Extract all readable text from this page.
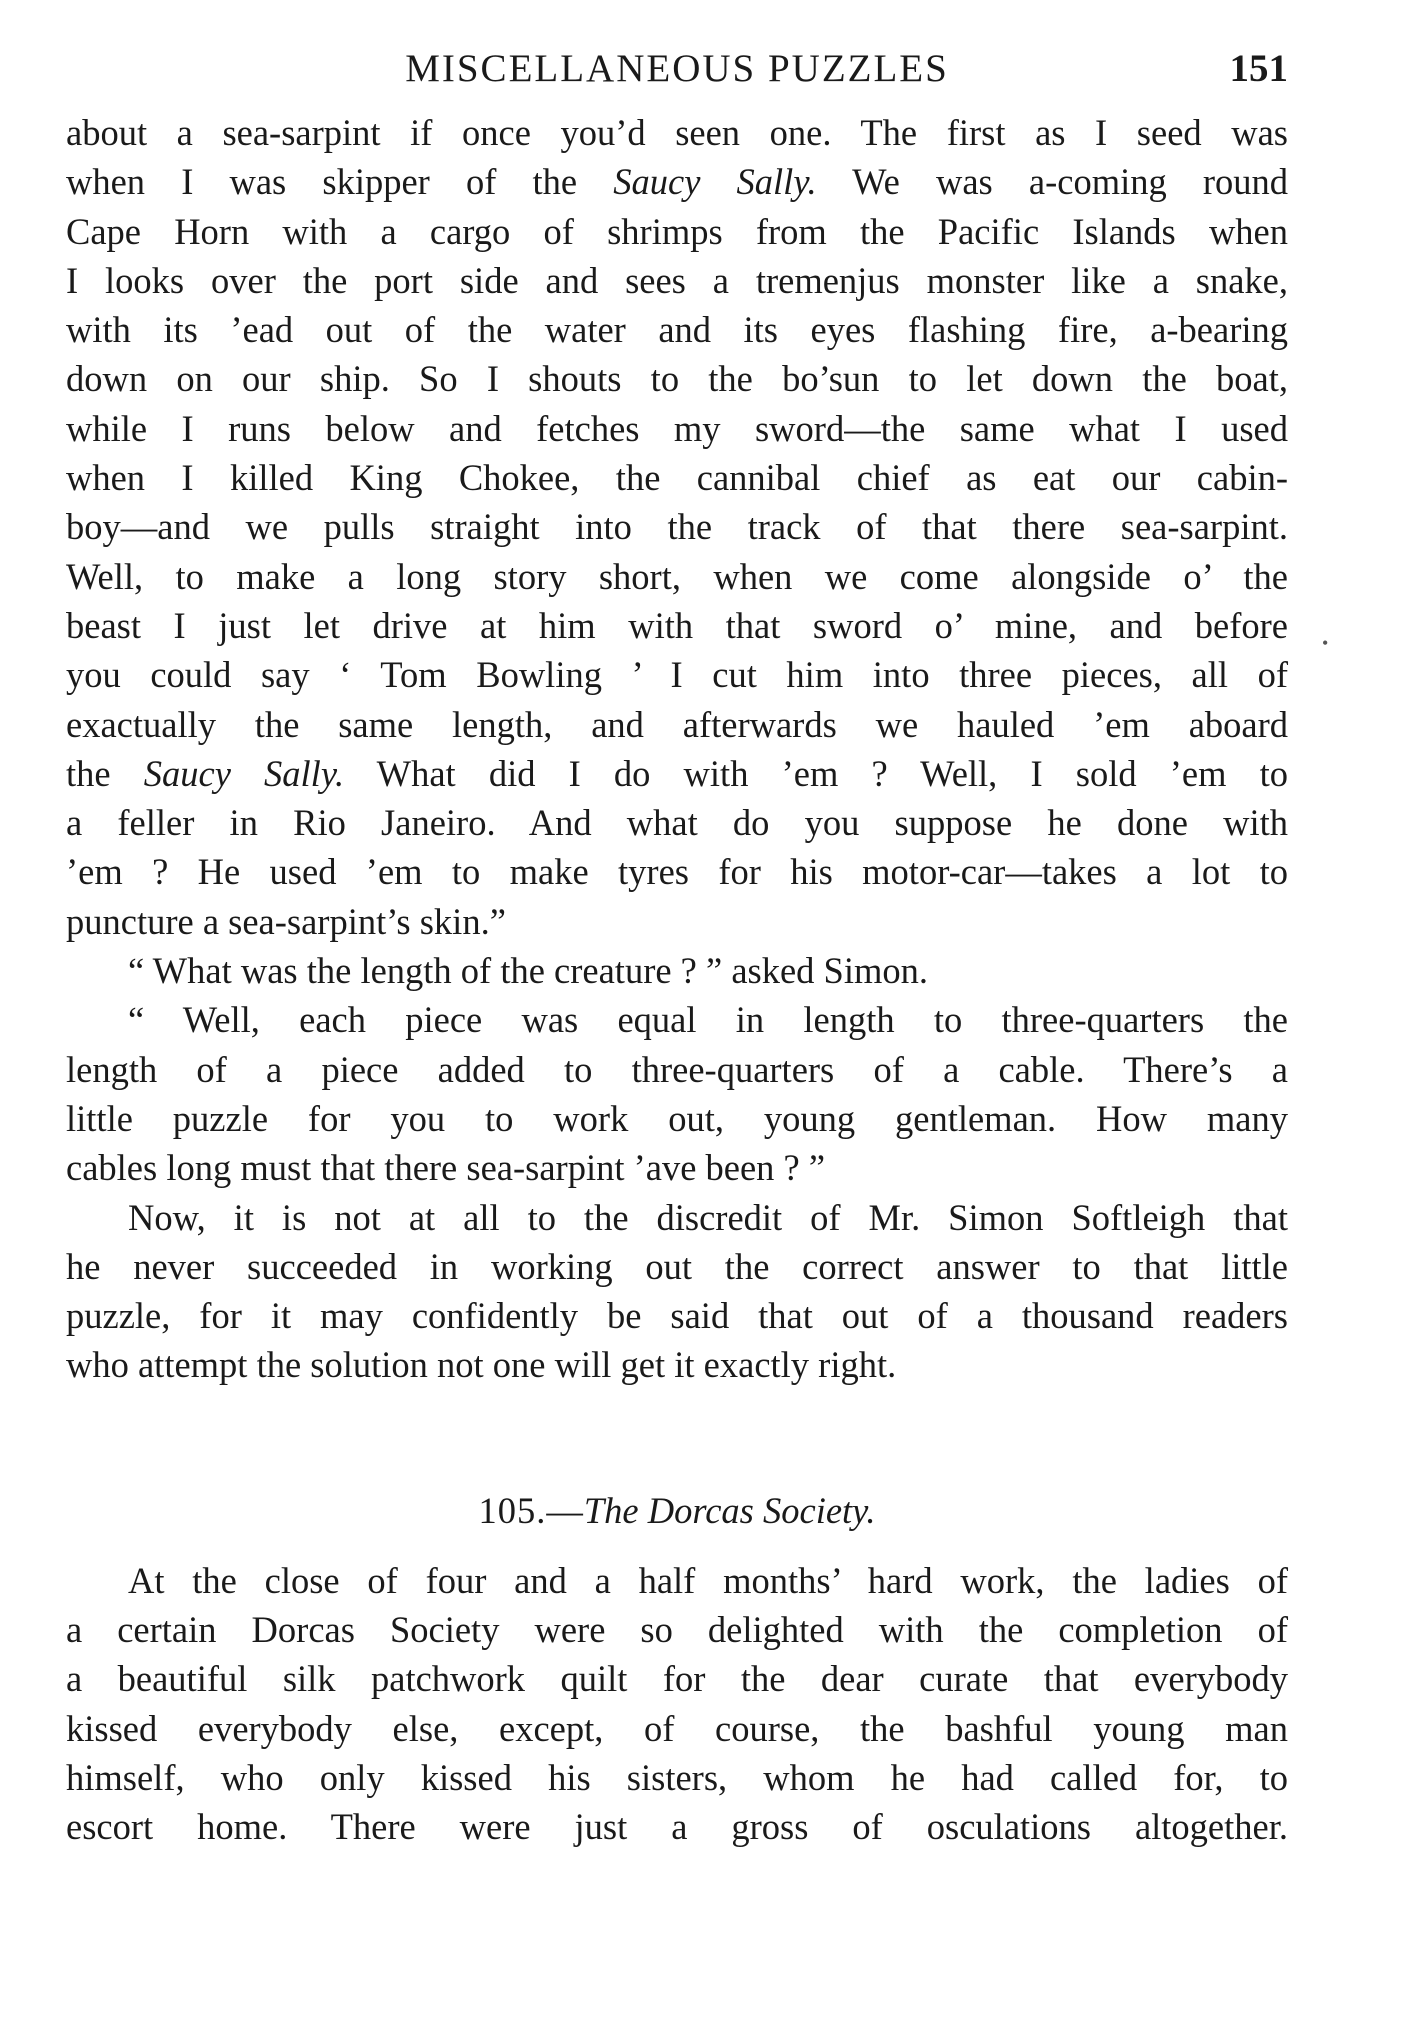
MISCELLANEOUS PUZZLES	151
about a sea-sarpint if once you’d seen one. The first as I seed was
when I was skipper of the Saucy Sally. We was a-coming round
Cape Horn with a cargo of shrimps from the Pacific Islands when
I looks over the port side and sees a tremenjus monster like a snake,
with its ’ead out of the water and its eyes flashing fire, a-bearing
down on our ship. So I shouts to the bo’sun to let down the boat,
while I runs below and fetches my sword—the same what I used
when I killed King Chokee, the cannibal chief as eat our cabin-
boy—and we pulls straight into the track of that there sea-sarpint.
Well, to make a long story short, when we come alongside o’ the
beast I just let drive at him with that sword o’ mine, and before
you could say ‘ Tom Bowling ’ I cut him into three pieces, all of
exactually the same length, and afterwards we hauled ’em aboard
the Saucy Sally. What did I do with ’em ? Well, I sold ’em to
a feller in Rio Janeiro. And what do you suppose he done with
’em ? He used ’em to make tyres for his motor-car—takes a lot to
puncture a sea-sarpint’s skin.”
“ What was the length of the creature ? ” asked Simon.
“ Well, each piece was equal in length to three-quarters the
length of a piece added to three-quarters of a cable. There’s a
little puzzle for you to work out, young gentleman. How many
cables long must that there sea-sarpint ’ave been ? ”
Now, it is not at all to the discredit of Mr. Simon Softleigh that
he never succeeded in working out the correct answer to that little
puzzle, for it may confidently be said that out of a thousand readers
who attempt the solution not one will get it exactly right.
105.—The Dorcas Society.
At the close of four and a half months’ hard work, the ladies of
a certain Dorcas Society were so delighted with the completion of
a beautiful silk patchwork quilt for the dear curate that everybody
kissed everybody else, except, of course, the bashful young man
himself, who only kissed his sisters, whom he had called for, to
escort home. There were just a gross of osculations altogether.
•
